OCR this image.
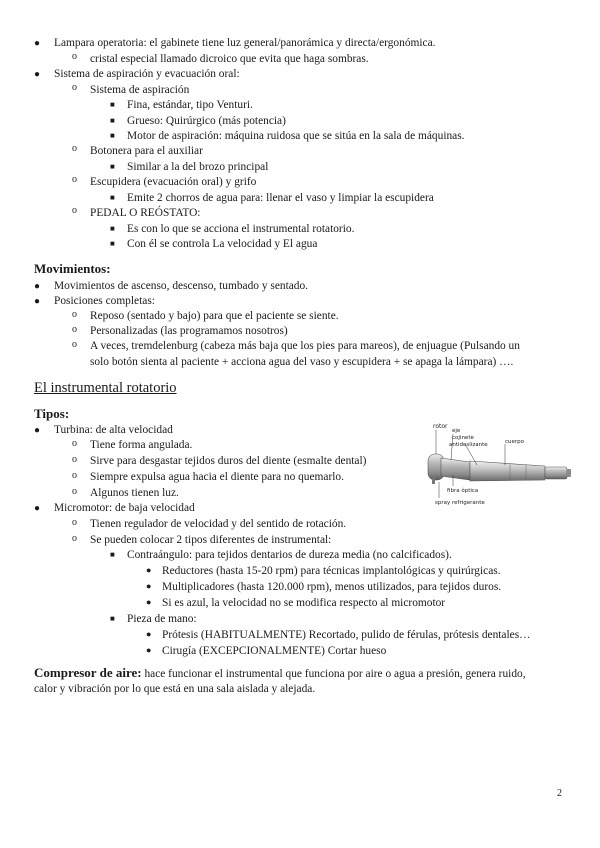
● Lampara operatoria: el gabinete tiene luz general/panorámica y directa/ergonómica.
o cristal especial llamado dicroico que evita que haga sombras.
● Sistema de aspiración y evacuación oral:
o Sistema de aspiración
■ Fina, estándar, tipo Venturi.
■ Grueso: Quirúrgico (más potencia)
■ Motor de aspiración: máquina ruidosa que se sitúa en la sala de máquinas.
o Botonera para el auxiliar
■ Similar a la del brozo principal
o Escupidera (evacuación oral) y grifo
■ Emite 2 chorros de agua para: llenar el vaso y limpiar la escupidera
o PEDAL O REÓSTATO:
■ Es con lo que se acciona el instrumental rotatorio.
■ Con él se controla La velocidad y El agua
Movimientos:
● Movimientos de ascenso, descenso, tumbado y sentado.
● Posiciones completas:
o Reposo (sentado y bajo) para que el paciente se siente.
o Personalizadas (las programamos nosotros)
o A veces, tremdelenburg (cabeza más baja que los pies para mareos), de enjuague (Pulsando un
solo botón sienta al paciente + acciona agua del vaso y escupidera + se apaga la lámpara) ….
El instrumental rotatorio
Tipos:
● Turbina: de alta velocidad
o Tiene forma angulada.
o Sirve para desgastar tejidos duros del diente (esmalte dental)
o Siempre expulsa agua hacia el diente para no quemarlo.
o Algunos tienen luz.
● Micromotor: de baja velocidad
o Tienen regulador de velocidad y del sentido de rotación.
o Se pueden colocar 2 tipos diferentes de instrumental:
■ Contraángulo: para tejidos dentarios de dureza media (no calcificados).
● Reductores (hasta 15-20 rpm) para técnicas implantológicas y quirúrgicas.
● Multiplicadores (hasta 120.000 rpm), menos utilizados, para tejidos duros.
● Si es azul, la velocidad no se modifica respecto al micromotor
■ Pieza de mano:
● Prótesis (HABITUALMENTE) Recortado, pulido de férulas, prótesis dentales…
● Cirugía (EXCEPCIONALMENTE) Cortar hueso
Compresor de aire: hace funcionar el instrumental que funciona por aire o agua a presión, genera ruido,
calor y vibración por lo que está en una sala aislada y alejada.
rotor
eje
cojinete
antideslizante	cuerpo
fibra óptica
spray refrigerante
2
